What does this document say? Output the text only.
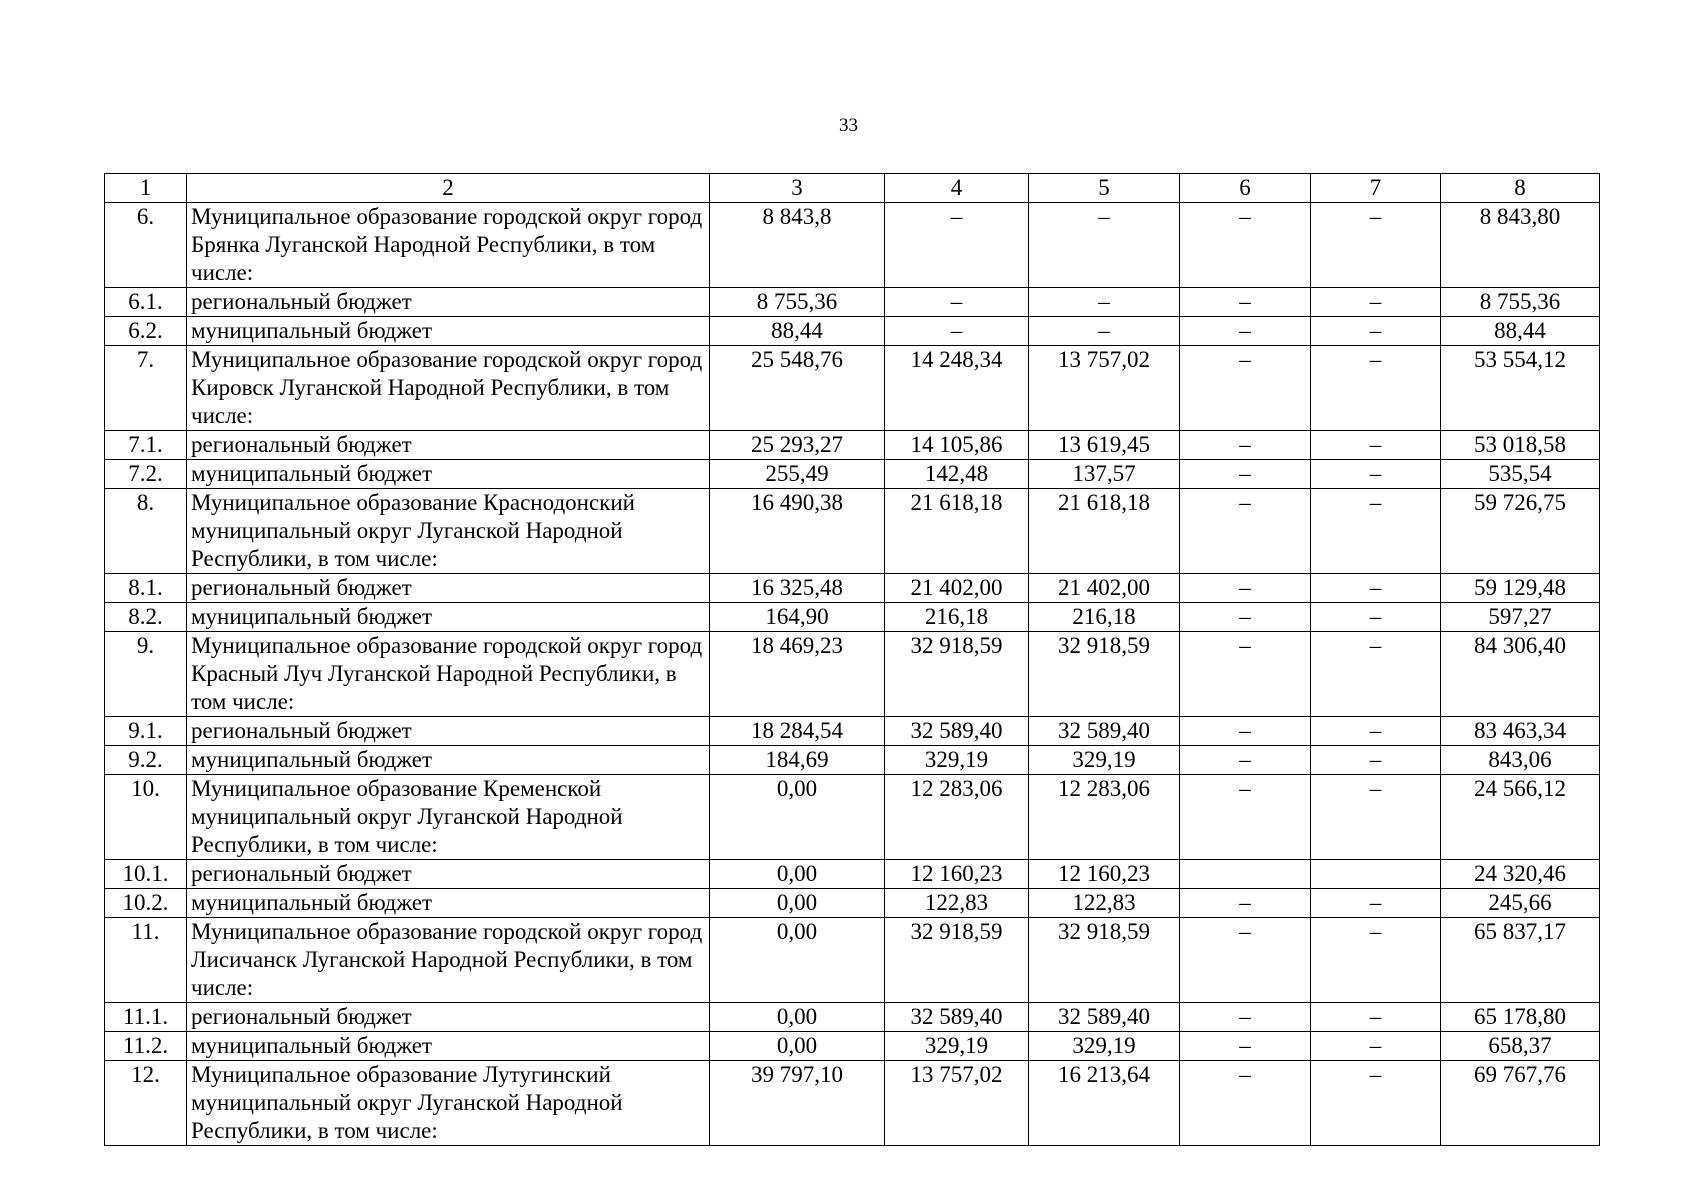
33
1	2	3	4	5	6	7	8
6.	Муниципальное образование городской округ город Брянка Луганской Народной Республики, в том числе:	8 843,8	–	–	–	–	8 843,80
6.1.	региональный бюджет	8 755,36	–	–	–	–	8 755,36
6.2.	муниципальный бюджет	88,44	–	–	–	–	88,44
7.	Муниципальное образование городской округ город Кировск Луганской Народной Республики, в том числе:	25 548,76	14 248,34	13 757,02	–	–	53 554,12
7.1.	региональный бюджет	25 293,27	14 105,86	13 619,45	–	–	53 018,58
7.2.	муниципальный бюджет	255,49	142,48	137,57	–	–	535,54
8.	Муниципальное образование Краснодонский муниципальный округ Луганской Народной Республики, в том числе:	16 490,38	21 618,18	21 618,18	–	–	59 726,75
8.1.	региональный бюджет	16 325,48	21 402,00	21 402,00	–	–	59 129,48
8.2.	муниципальный бюджет	164,90	216,18	216,18	–	–	597,27
9.	Муниципальное образование городской округ город Красный Луч Луганской Народной Республики, в том числе:	18 469,23	32 918,59	32 918,59	–	–	84 306,40
9.1.	региональный бюджет	18 284,54	32 589,40	32 589,40	–	–	83 463,34
9.2.	муниципальный бюджет	184,69	329,19	329,19	–	–	843,06
10.	Муниципальное образование Кременской муниципальный округ Луганской Народной Республики, в том числе:	0,00	12 283,06	12 283,06	–	–	24 566,12
10.1.	региональный бюджет	0,00	12 160,23	12 160,23			24 320,46
10.2.	муниципальный бюджет	0,00	122,83	122,83	–	–	245,66
11.	Муниципальное образование городской округ город Лисичанск Луганской Народной Республики, в том числе:	0,00	32 918,59	32 918,59	–	–	65 837,17
11.1.	региональный бюджет	0,00	32 589,40	32 589,40	–	–	65 178,80
11.2.	муниципальный бюджет	0,00	329,19	329,19	–	–	658,37
12.	Муниципальное образование Лутугинский муниципальный округ Луганской Народной Республики, в том числе:	39 797,10	13 757,02	16 213,64	–	–	69 767,76
